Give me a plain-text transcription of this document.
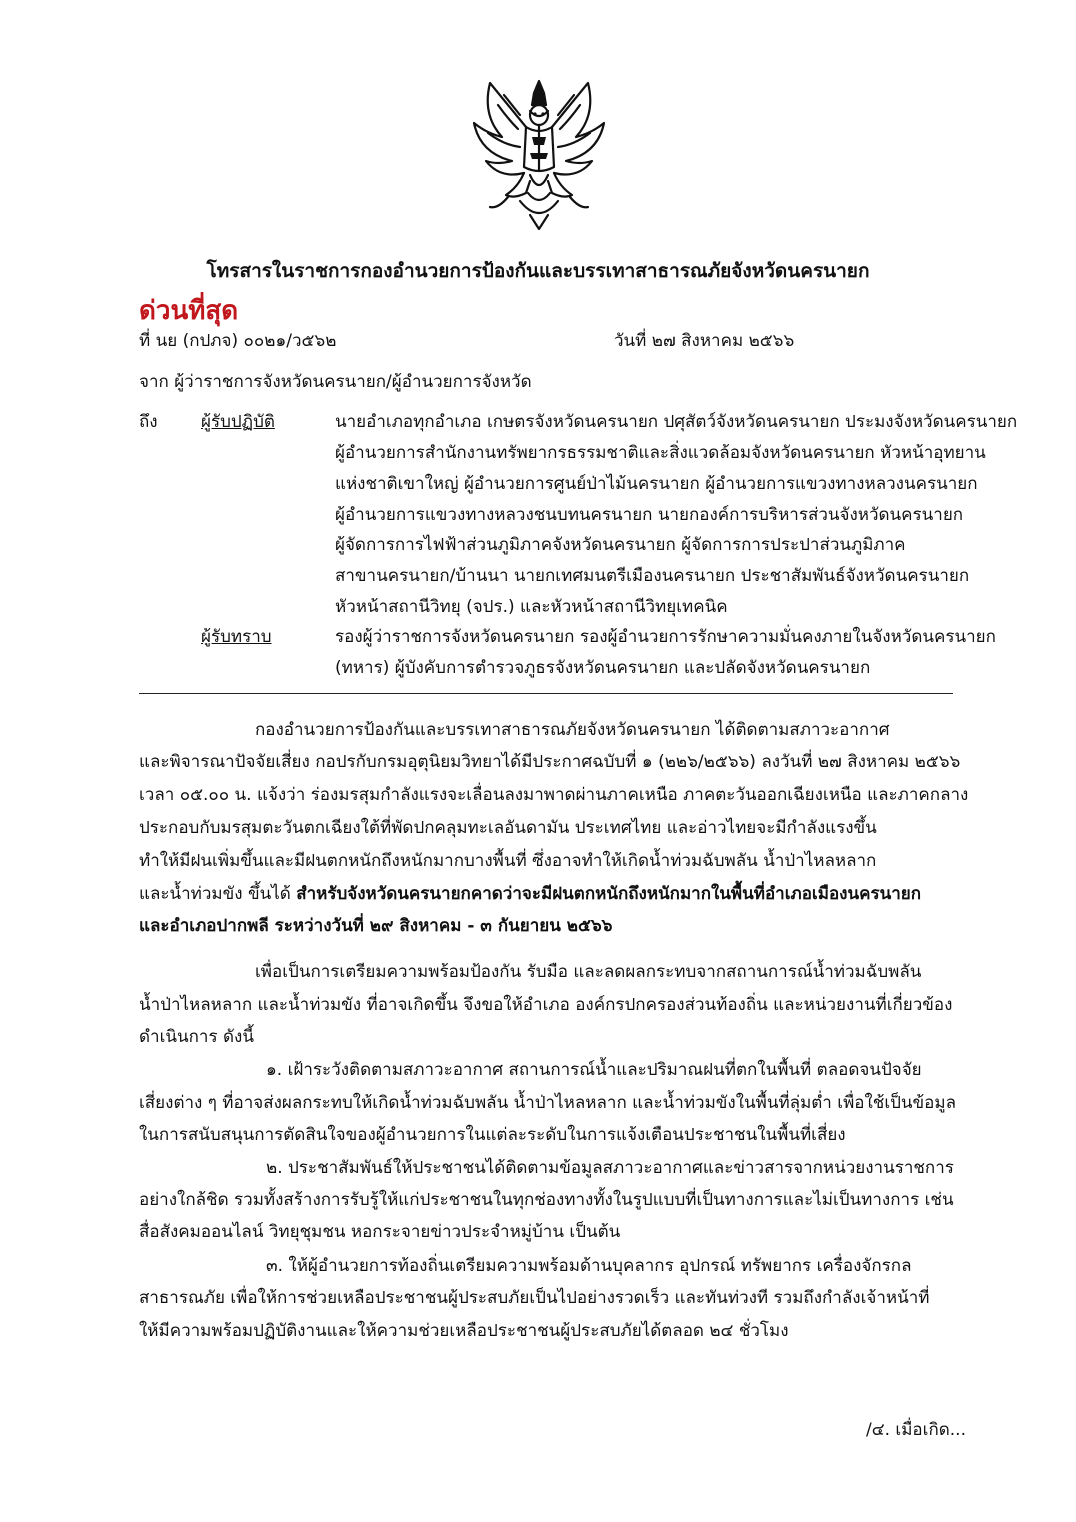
โทรสารในราชการกองอำนวยการป้องกันและบรรเทาสาธารณภัยจังหวัดนครนายก
ด่วนที่สุด
ที่ นย (กปภจ) ๐๐๒๑/ว๕๖๒	วันที่ ๒๗ สิงหาคม ๒๕๖๖
จาก ผู้ว่าราชการจังหวัดนครนายก/ผู้อำนวยการจังหวัด
ถึง	ผู้รับปฏิบัติ	นายอำเภอทุกอำเภอ เกษตรจังหวัดนครนายก ปศุสัตว์จังหวัดนครนายก ประมงจังหวัดนครนายก
ผู้อำนวยการสำนักงานทรัพยากรธรรมชาติและสิ่งแวดล้อมจังหวัดนครนายก หัวหน้าอุทยาน
แห่งชาติเขาใหญ่ ผู้อำนวยการศูนย์ป่าไม้นครนายก ผู้อำนวยการแขวงทางหลวงนครนายก
ผู้อำนวยการแขวงทางหลวงชนบทนครนายก นายกองค์การบริหารส่วนจังหวัดนครนายก
ผู้จัดการการไฟฟ้าส่วนภูมิภาคจังหวัดนครนายก ผู้จัดการการประปาส่วนภูมิภาค
สาขานครนายก/บ้านนา นายกเทศมนตรีเมืองนครนายก ประชาสัมพันธ์จังหวัดนครนายก
หัวหน้าสถานีวิทยุ (จปร.) และหัวหน้าสถานีวิทยุเทคนิค
ผู้รับทราบ	รองผู้ว่าราชการจังหวัดนครนายก รองผู้อำนวยการรักษาความมั่นคงภายในจังหวัดนครนายก
(ทหาร) ผู้บังคับการตำรวจภูธรจังหวัดนครนายก และปลัดจังหวัดนครนายก
กองอำนวยการป้องกันและบรรเทาสาธารณภัยจังหวัดนครนายก ได้ติดตามสภาวะอากาศ
และพิจารณาปัจจัยเสี่ยง กอปรกับกรมอุตุนิยมวิทยาได้มีประกาศฉบับที่ ๑ (๒๒๖/๒๕๖๖) ลงวันที่ ๒๗ สิงหาคม ๒๕๖๖
เวลา ๐๕.๐๐ น. แจ้งว่า ร่องมรสุมกำลังแรงจะเลื่อนลงมาพาดผ่านภาคเหนือ ภาคตะวันออกเฉียงเหนือ และภาคกลาง
ประกอบกับมรสุมตะวันตกเฉียงใต้ที่พัดปกคลุมทะเลอันดามัน ประเทศไทย และอ่าวไทยจะมีกำลังแรงขึ้น
ทำให้มีฝนเพิ่มขึ้นและมีฝนตกหนักถึงหนักมากบางพื้นที่ ซึ่งอาจทำให้เกิดน้ำท่วมฉับพลัน น้ำป่าไหลหลาก
และน้ำท่วมขัง ขึ้นได้ สำหรับจังหวัดนครนายกคาดว่าจะมีฝนตกหนักถึงหนักมากในพื้นที่อำเภอเมืองนครนายก
และอำเภอปากพลี ระหว่างวันที่ ๒๙ สิงหาคม - ๓ กันยายน ๒๕๖๖
เพื่อเป็นการเตรียมความพร้อมป้องกัน รับมือ และลดผลกระทบจากสถานการณ์น้ำท่วมฉับพลัน
น้ำป่าไหลหลาก และน้ำท่วมขัง ที่อาจเกิดขึ้น จึงขอให้อำเภอ องค์กรปกครองส่วนท้องถิ่น และหน่วยงานที่เกี่ยวข้อง
ดำเนินการ ดังนี้
๑. เฝ้าระวังติดตามสภาวะอากาศ สถานการณ์น้ำและปริมาณฝนที่ตกในพื้นที่ ตลอดจนปัจจัย
เสี่ยงต่าง ๆ ที่อาจส่งผลกระทบให้เกิดน้ำท่วมฉับพลัน น้ำป่าไหลหลาก และน้ำท่วมขังในพื้นที่ลุ่มต่ำ เพื่อใช้เป็นข้อมูล
ในการสนับสนุนการตัดสินใจของผู้อำนวยการในแต่ละระดับในการแจ้งเตือนประชาชนในพื้นที่เสี่ยง
๒. ประชาสัมพันธ์ให้ประชาชนได้ติดตามข้อมูลสภาวะอากาศและข่าวสารจากหน่วยงานราชการ
อย่างใกล้ชิด รวมทั้งสร้างการรับรู้ให้แก่ประชาชนในทุกช่องทางทั้งในรูปแบบที่เป็นทางการและไม่เป็นทางการ เช่น
สื่อสังคมออนไลน์ วิทยุชุมชน หอกระจายข่าวประจำหมู่บ้าน เป็นต้น
๓. ให้ผู้อำนวยการท้องถิ่นเตรียมความพร้อมด้านบุคลากร อุปกรณ์ ทรัพยากร เครื่องจักรกล
สาธารณภัย เพื่อให้การช่วยเหลือประชาชนผู้ประสบภัยเป็นไปอย่างรวดเร็ว และทันท่วงที รวมถึงกำลังเจ้าหน้าที่
ให้มีความพร้อมปฏิบัติงานและให้ความช่วยเหลือประชาชนผู้ประสบภัยได้ตลอด ๒๔ ชั่วโมง
/๔. เมื่อเกิด...
